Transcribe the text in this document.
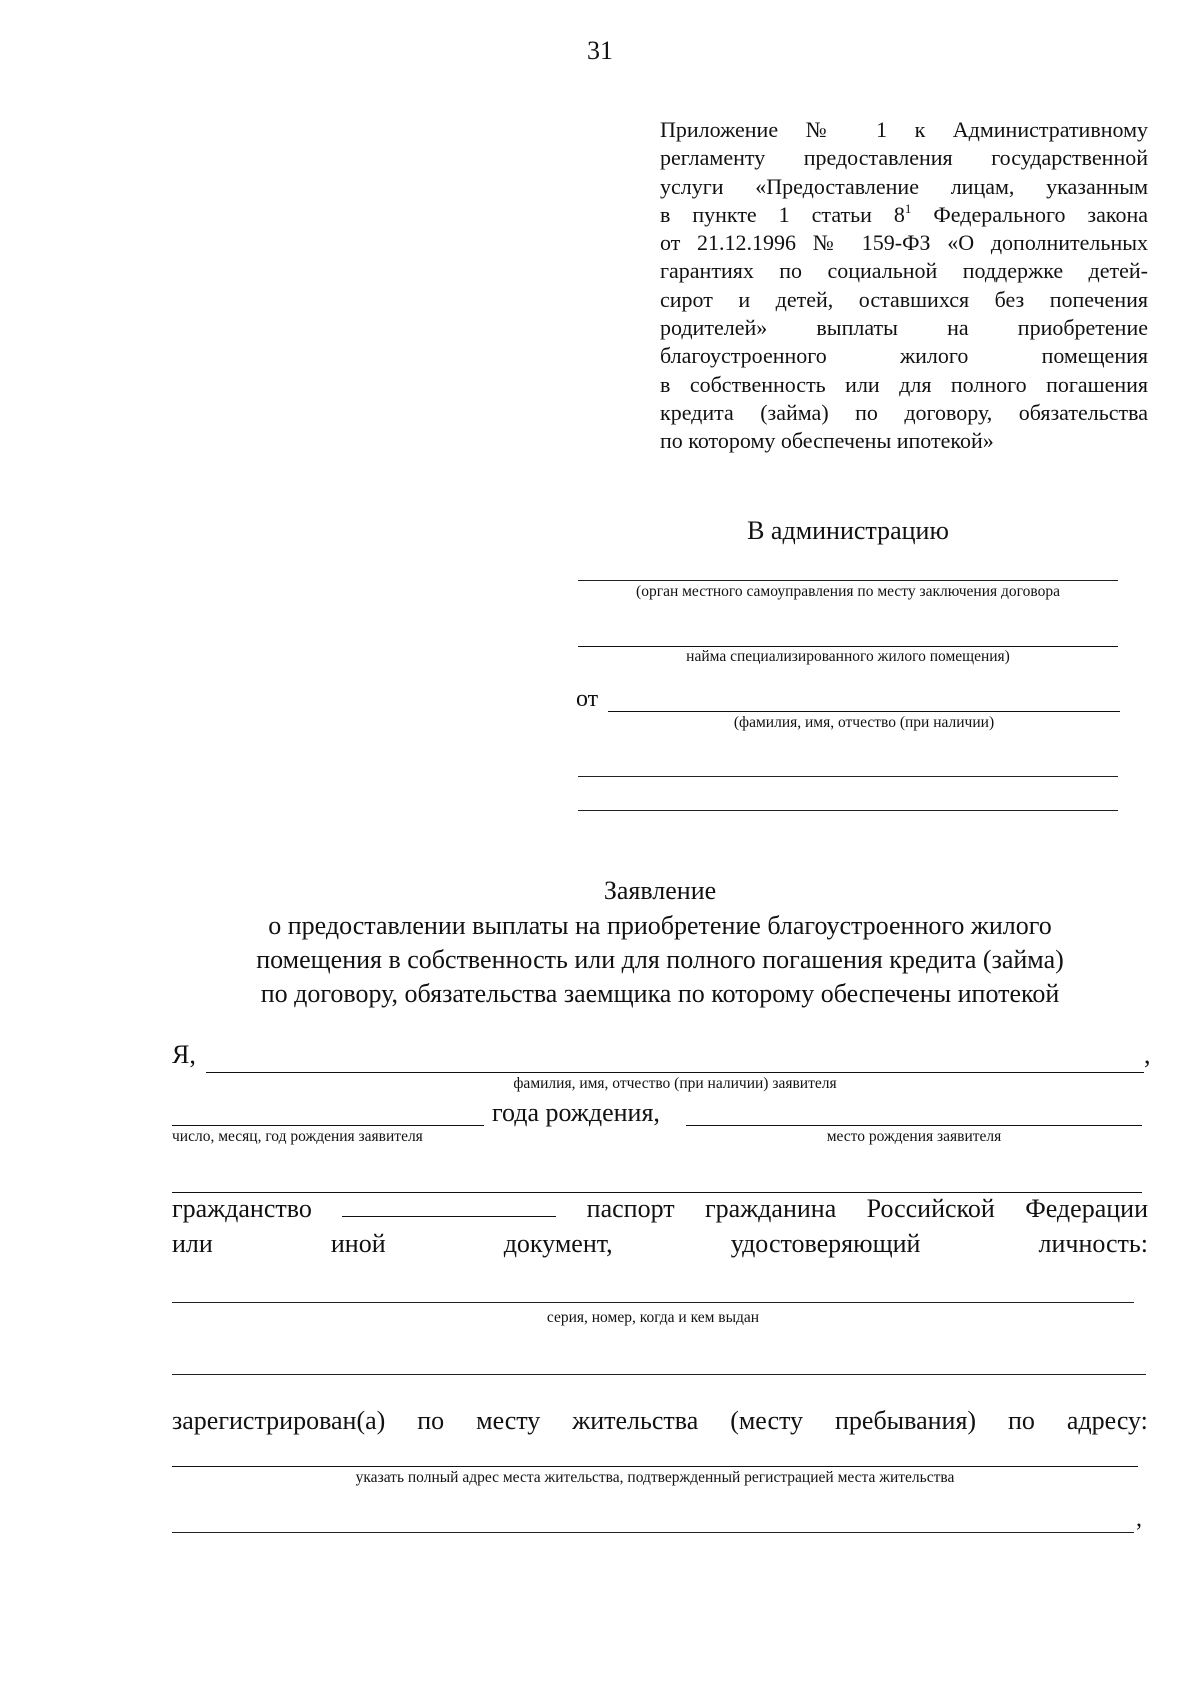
31
Приложение № 1 к Административному
регламенту предоставления государственной
услуги «Предоставление лицам, указанным
в пункте 1 статьи $8^1$ Федерального закона
от 21.12.1996 № 159-ФЗ «О дополнительных
гарантиях по социальной поддержке детей-
сирот и детей, оставшихся без попечения
родителей» выплаты на приобретение
благоустроенного жилого помещения
в собственность или для полного погашения
кредита (займа) по договору, обязательства
по которому обеспечены ипотекой»
В администрацию
(орган местного самоуправления по месту заключения договора
найма специализированного жилого помещения)
от
(фамилия, имя, отчество (при наличии)
Заявление
о предоставлении выплаты на приобретение благоустроенного жилого
помещения в собственность или для полного погашения кредита (займа)
по договору, обязательства заемщика по которому обеспечены ипотекой
Я,	,
фамилия, имя, отчество (при наличии) заявителя
года рождения,
число, месяц, год рождения заявителя	место рождения заявителя
гражданство	паспорт гражданина Российской Федерации
или	иной	документ,	удостоверяющий	личность:
серия, номер, когда и кем выдан
зарегистрирован(а) по месту жительства (месту пребывания) по адресу:
указать полный адрес места жительства, подтвержденный регистрацией места жительства
,
